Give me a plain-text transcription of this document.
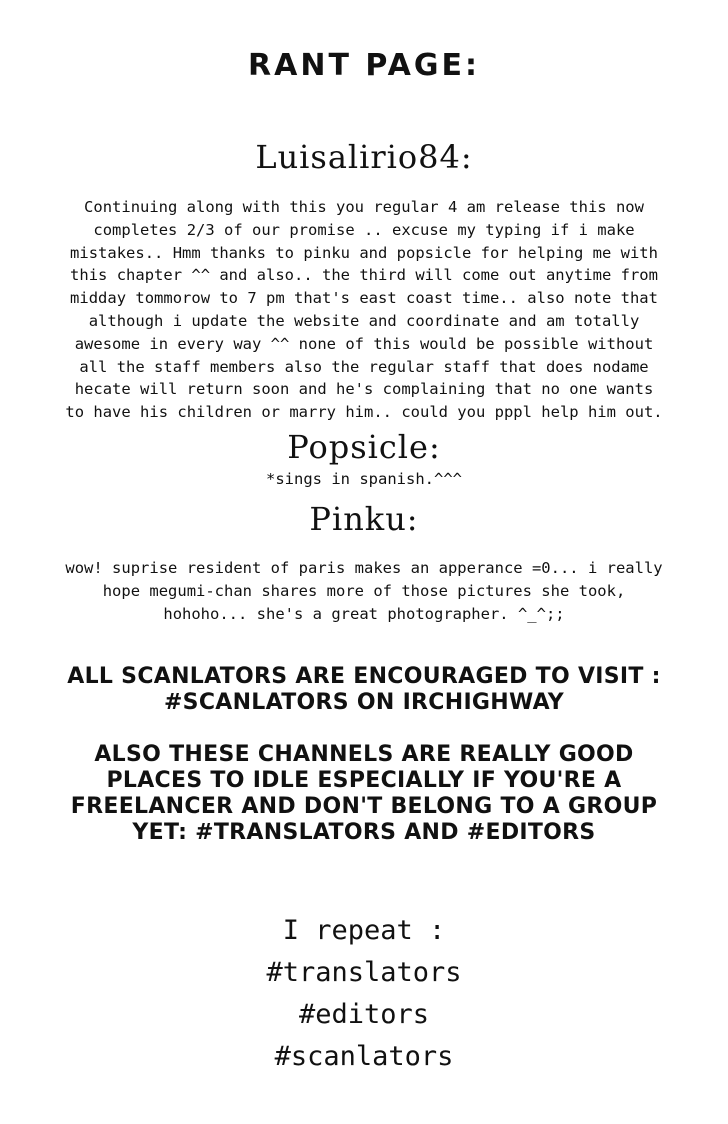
RANT PAGE:
Luisalirio84:
Continuing along with this you regular 4 am release this now
completes 2/3 of our promise .. excuse my typing if i make
mistakes.. Hmm thanks to pinku and popsicle for helping me with
this chapter ^^ and also.. the third will come out anytime from
midday tommorow to 7 pm that's east coast time.. also note that
although i update the website and coordinate and am totally
awesome in every way ^^ none of this would be possible without
all the staff members also the regular staff that does nodame
hecate will return soon and he's complaining that no one wants
to have his children or marry him.. could you pppl help him out.
Popsicle:
*sings in spanish.^^^
Pinku:
wow! suprise resident of paris makes an apperance =0... i really
hope megumi-chan shares more of those pictures she took,
hohoho... she's a great photographer. ^_^;;
ALL SCANLATORS ARE ENCOURAGED TO VISIT :
#SCANLATORS ON IRCHIGHWAY
ALSO THESE CHANNELS ARE REALLY GOOD
PLACES TO IDLE ESPECIALLY IF YOU'RE A
FREELANCER AND DON'T BELONG TO A GROUP
YET: #TRANSLATORS AND #EDITORS
I repeat :
#translators
#editors
#scanlators
